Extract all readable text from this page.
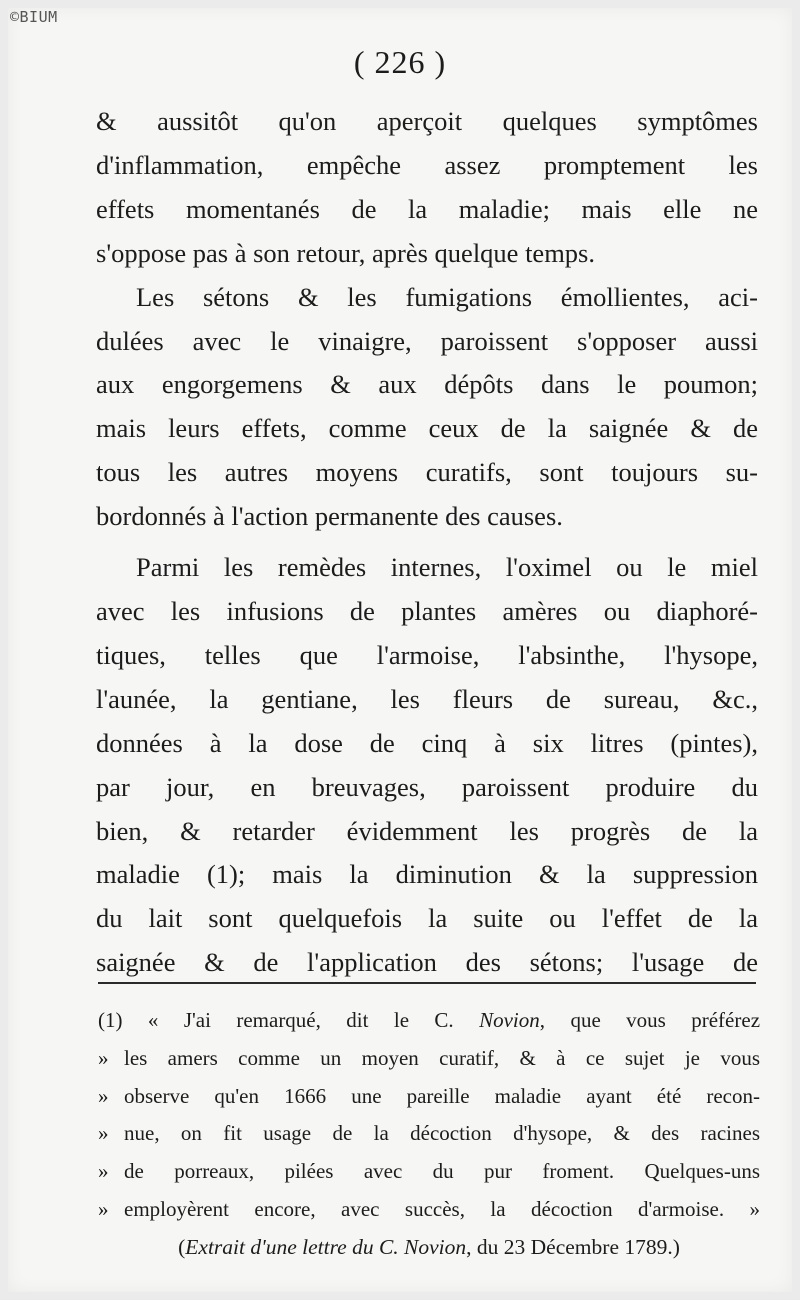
©BIUM
( 226 )
& aussitôt qu'on aperçoit quelques symptômes
d'inflammation, empêche assez promptement les
effets momentanés de la maladie; mais elle ne
s'oppose pas à son retour, après quelque temps.
Les sétons & les fumigations émollientes, aci-
dulées avec le vinaigre, paroissent s'opposer aussi
aux engorgemens & aux dépôts dans le poumon;
mais leurs effets, comme ceux de la saignée & de
tous les autres moyens curatifs, sont toujours su-
bordonnés à l'action permanente des causes.
Parmi les remèdes internes, l'oximel ou le miel
avec les infusions de plantes amères ou diaphoré-
tiques, telles que l'armoise, l'absinthe, l'hysope,
l'aunée, la gentiane, les fleurs de sureau, &c.,
données à la dose de cinq à six litres (pintes),
par jour, en breuvages, paroissent produire du
bien, & retarder évidemment les progrès de la
maladie (1); mais la diminution & la suppression
du lait sont quelquefois la suite ou l'effet de la
saignée & de l'application des sétons; l'usage de
(1) « J'ai remarqué, dit le C. Novion, que vous préférez
» les amers comme un moyen curatif, & à ce sujet je vous
» observe qu'en 1666 une pareille maladie ayant été recon-
» nue, on fit usage de la décoction d'hysope, & des racines
» de porreaux, pilées avec du pur froment. Quelques-uns
» employèrent encore, avec succès, la décoction d'armoise. »
(Extrait d'une lettre du C. Novion, du 23 Décembre 1789.)
